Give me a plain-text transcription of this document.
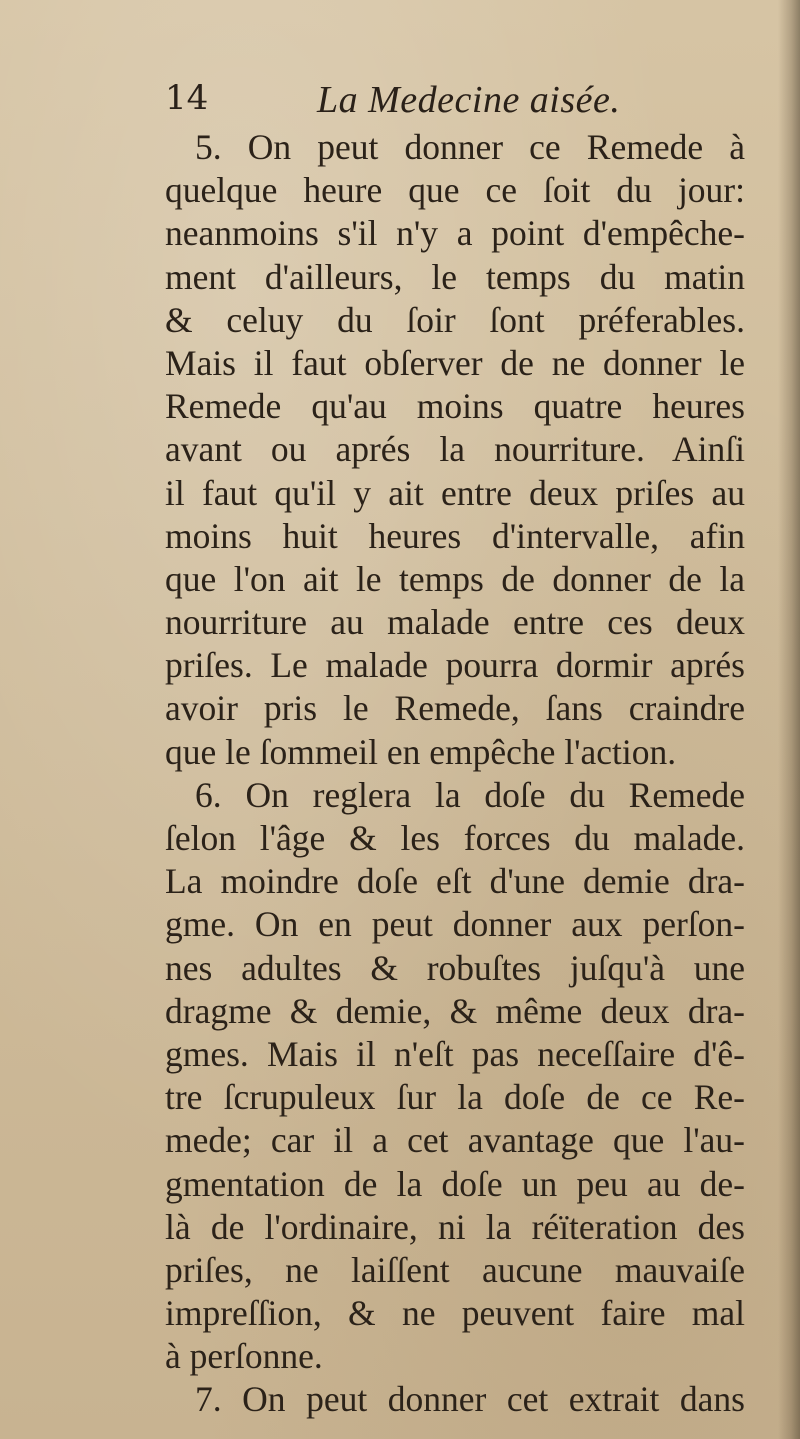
14	La Medecine aisée.
5. On peut donner ce Remede à
quelque heure que ce ſoit du jour:
neanmoins s'il n'y a point d'empêche-
ment d'ailleurs, le temps du matin
& celuy du ſoir ſont préferables.
Mais il faut obſerver de ne donner le
Remede qu'au moins quatre heures
avant ou aprés la nourriture. Ainſi
il faut qu'il y ait entre deux priſes au
moins huit heures d'intervalle, afin
que l'on ait le temps de donner de la
nourriture au malade entre ces deux
priſes. Le malade pourra dormir aprés
avoir pris le Remede, ſans craindre
que le ſommeil en empêche l'action.
6. On reglera la doſe du Remede
ſelon l'âge & les forces du malade.
La moindre doſe eſt d'une demie dra-
gme. On en peut donner aux perſon-
nes adultes & robuſtes juſqu'à une
dragme & demie, & même deux dra-
gmes. Mais il n'eſt pas neceſſaire d'ê-
tre ſcrupuleux ſur la doſe de ce Re-
mede; car il a cet avantage que l'au-
gmentation de la doſe un peu au de-
là de l'ordinaire, ni la réïteration des
priſes, ne laiſſent aucune mauvaiſe
impreſſion, & ne peuvent faire mal
à perſonne.
7. On peut donner cet extrait dans
